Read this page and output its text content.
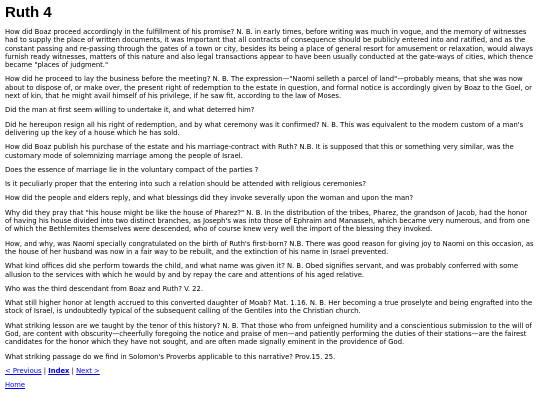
Ruth 4

How did Boaz proceed accordingly in the fulfillment of his promise? N. B. in early times, before writing was much in vogue, and the memory of witnesses had to supply the place of written documents, it was Important that all contracts of consequence should be publicly entered into and ratified, and as the constant passing and re-passing through the gates of a town or city, besides its being a place of general resort for amusement or relaxation, would always furnish ready witnesses, matters of this nature and also legal transactions appear to have been usually conducted at the gate-ways of cities, which thence became "places of judgment."

How did he proceed to lay the business before the meeting? N. B. The expression—"Naomi selleth a parcel of land"—probably means, that she was now about to dispose of, or make over, the present right of redemption to the estate in question, and formal notice is accordingly given by Boaz to the Goel, or next of kin, that he might avail himself of his privilege, if he saw fit, according to the law of Moses.

Did the man at first seem willing to undertake it, and what deterred him?

Did he hereupon resign all his right of redemption, and by what ceremony was it confirmed? N. B. This was equivalent to the modern custom of a man's delivering up the key of a house which he has sold.

How did Boaz publish his purchase of the estate and his marriage-contract with Ruth? N.B. It is supposed that this or something very similar, was the customary mode of solemnizing marriage among the people of Israel.

Does the essence of marriage lie in the voluntary compact of the parties ?

Is it peculiarly proper that the entering into such a relation should be attended with religious ceremonies?

How did the people and elders reply, and what blessings did they invoke severally upon the woman and upon the man?

Why did they pray that "his house might be like the house of Pharez?" N. B. In the distribution of the tribes, Pharez, the grandson of Jacob, had the honor of having his house divided into two distinct branches, as Joseph's was into those of Ephraim and Manasseh, which became very numerous, and from one of which the Bethlemites themselves were descended, who of course knew very well the import of the blessing they invoked.

How, and why, was Naomi specially congratulated on the birth of Ruth's first-born? N.B. There was good reason for giving joy to Naomi on this occasion, as the house of her husband was now in a fair way to be rebuilt, and the extinction of his name in Israel prevented.

What kind offices did she perform towards the child, and what name was given it? N. B. Obed signifies servant, and was probably conferred with some allusion to the services with which he would by and by repay the care and attentions of his aged relative.

Who was the third descendant from Boaz and Ruth? V. 22.

What still higher honor at length accrued to this converted daughter of Moab? Mat. 1.16. N. B. Her becoming a true proselyte and being engrafted into the stock of Israel, is undoubtedly typical of the subsequent calling of the Gentiles into the Christian church.

What striking lesson are we taught by the tenor of this history? N. B. That those who from unfeigned humility and a conscientious submission to the will of God, are content with obscurity—cheerfully foregoing the notice and praise of men—and patiently performing the duties of their stations—are the fairest candidates for the honor which they have not sought, and are often made signally eminent in the providence of God.

What striking passage do we find in Solomon's Proverbs applicable to this narrative? Prov.15. 25.

< Previous | Index | Next >
Home
